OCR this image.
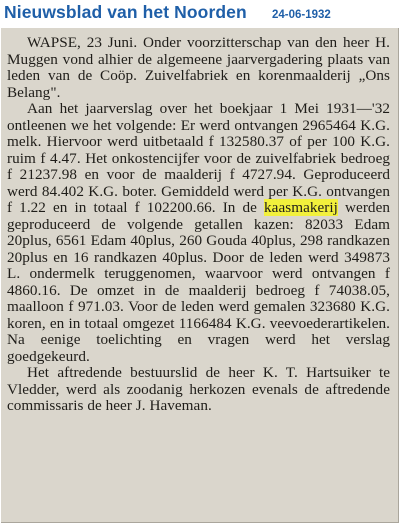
Nieuwsblad van het Noorden 24-06-1932

WAPSE, 23 Juni. Onder voorzitterschap van den heer H. Muggen vond alhier de algemeene jaarvergadering plaats van leden van de Coöp. Zuivelfabriek en korenmaalderij „Ons Belang".

Aan het jaarverslag over het boekjaar 1 Mei 1931—'32 ontleenen we het volgende: Er werd ontvangen 2965464 K.G. melk. Hiervoor werd uitbetaald f 132580.37 of per 100 K.G. ruim f 4.47. Het onkostencijfer voor de zuivelfabriek bedroeg f 21237.98 en voor de maalderij f 4727.94. Geproduceerd werd 84.402 K.G. boter. Gemiddeld werd per K.G. ontvangen f 1.22 en in totaal f 102200.66. In de kaasmakerij werden geproduceerd de volgende getallen kazen: 82033 Edam 20plus, 6561 Edam 40plus, 260 Gouda 40plus, 298 randkazen 20plus en 16 randkazen 40plus. Door de leden werd 349873 L. ondermelk teruggenomen, waarvoor werd ontvangen f 4860.16. De omzet in de maalderij bedroeg f 74038.05, maalloon f 971.03. Voor de leden werd gemalen 323680 K.G. koren, en in totaal omgezet 1166484 K.G. veevoederartikelen. Na eenige toelichting en vragen werd het verslag goedgekeurd.

Het aftredende bestuurslid de heer K. T. Hartsuiker te Vledder, werd als zoodanig herkozen evenals de aftredende commissaris de heer J. Haveman.
